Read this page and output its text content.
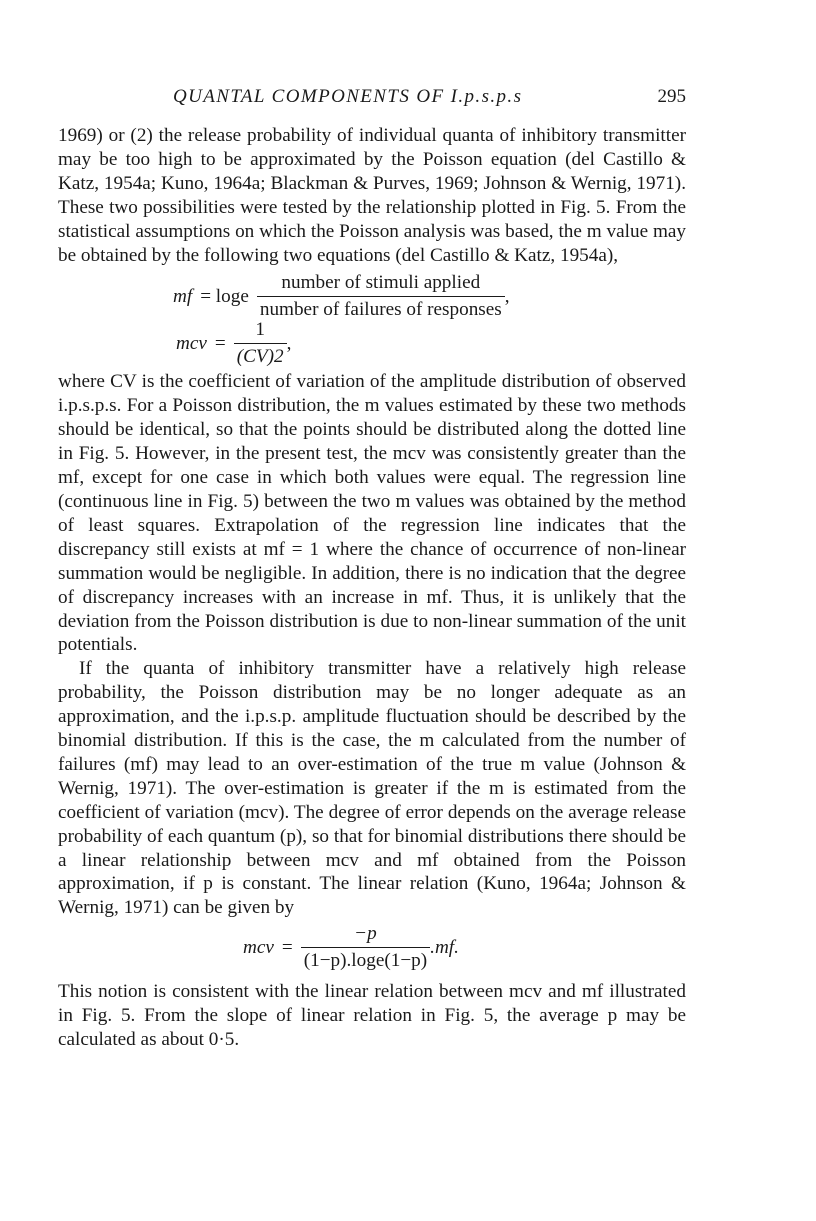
QUANTAL COMPONENTS OF I.p.s.p.s	295

1969) or (2) the release probability of individual quanta of inhibitory transmitter may be too high to be approximated by the Poisson equation (del Castillo & Katz, 1954a; Kuno, 1964a; Blackman & Purves, 1969; Johnson & Wernig, 1971). These two possibilities were tested by the relationship plotted in Fig. 5. From the statistical assumptions on which the Poisson analysis was based, the m value may be obtained by the following two equations (del Castillo & Katz, 1954a),

mf = loge $\frac{\text{number of stimuli applied}}{\text{number of failures of responses}}$ ,
mcv = $\frac{1}{(CV)2}$ ,

where CV is the coefficient of variation of the amplitude distribution of observed i.p.s.p.s. For a Poisson distribution, the m values estimated by these two methods should be identical, so that the points should be distributed along the dotted line in Fig. 5. However, in the present test, the mcv was consistently greater than the mf, except for one case in which both values were equal. The regression line (continuous line in Fig. 5) between the two m values was obtained by the method of least squares. Extrapolation of the regression line indicates that the discrepancy still exists at mf = 1 where the chance of occurrence of non-linear summation would be negligible. In addition, there is no indication that the degree of discrepancy increases with an increase in mf. Thus, it is unlikely that the deviation from the Poisson distribution is due to non-linear summation of the unit potentials.

If the quanta of inhibitory transmitter have a relatively high release probability, the Poisson distribution may be no longer adequate as an approximation, and the i.p.s.p. amplitude fluctuation should be described by the binomial distribution. If this is the case, the m calculated from the number of failures (mf) may lead to an over-estimation of the true m value (Johnson & Wernig, 1971). The over-estimation is greater if the m is estimated from the coefficient of variation (mcv). The degree of error depends on the average release probability of each quantum (p), so that for binomial distributions there should be a linear relationship between mcv and mf obtained from the Poisson approximation, if p is constant. The linear relation (Kuno, 1964a; Johnson & Wernig, 1971) can be given by

mcv = $\frac{-p}{(1-p).\log e(1-p)} .mf$.

This notion is consistent with the linear relation between mcv and mf illustrated in Fig. 5. From the slope of linear relation in Fig. 5, the average p may be calculated as about 0·5.
